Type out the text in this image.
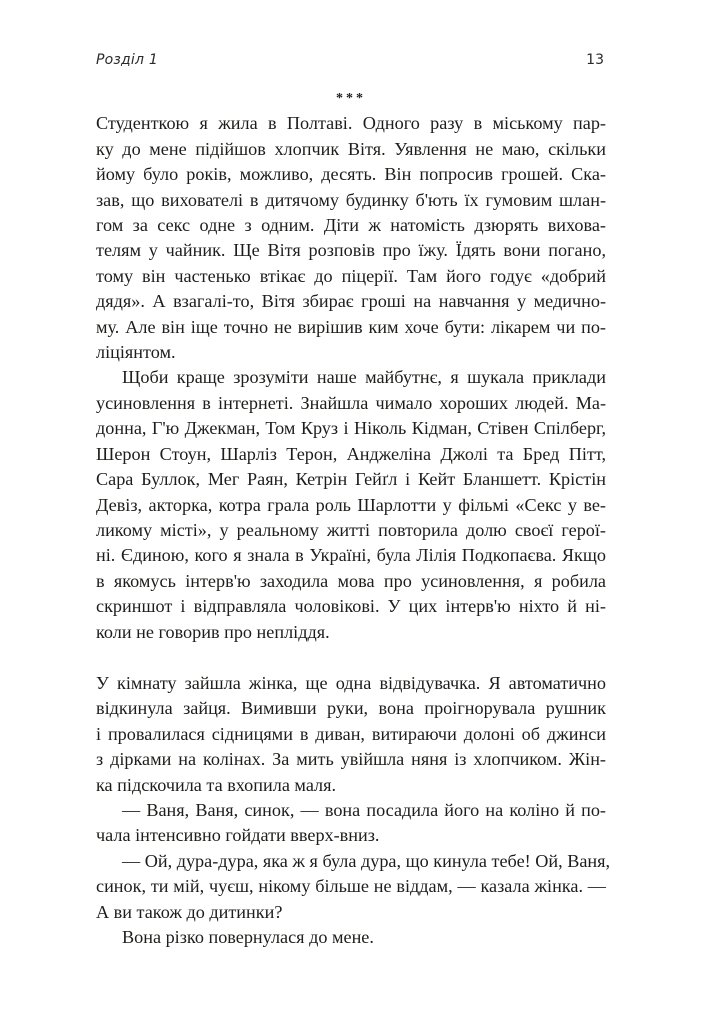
Розділ 1	13
***
Студенткою я жила в Полтаві. Одного разу в міському пар-
ку до мене підійшов хлопчик Вітя. Уявлення не маю, скільки
йому було років, можливо, десять. Він попросив грошей. Ска-
зав, що вихователі в дитячому будинку б'ють їх гумовим шлан-
гом за секс одне з одним. Діти ж натомість дзюрять вихова-
телям у чайник. Ще Вітя розповів про їжу. Їдять вони погано,
тому він частенько втікає до піцерії. Там його годує «добрий
дядя». А взагалі-то, Вітя збирає гроші на навчання у медично-
му. Але він іще точно не вирішив ким хоче бути: лікарем чи по-
ліціянтом.
Щоби краще зрозуміти наше майбутнє, я шукала приклади
усиновлення в інтернеті. Знайшла чимало хороших людей. Ма-
донна, Г'ю Джекман, Том Круз і Ніколь Кідман, Стівен Спілберг,
Шерон Стоун, Шарліз Терон, Анджеліна Джолі та Бред Пітт,
Сара Буллок, Мег Раян, Кетрін Гейґл і Кейт Бланшетт. Крістін
Девіз, акторка, котра грала роль Шарлотти у фільмі «Секс у ве-
ликому місті», у реальному житті повторила долю своєї герої-
ні. Єдиною, кого я знала в Україні, була Лілія Подкопаєва. Якщо
в якомусь інтерв'ю заходила мова про усиновлення, я робила
скриншот і відправляла чоловікові. У цих інтерв'ю ніхто й ні-
коли не говорив про непліддя.
У кімнату зайшла жінка, ще одна відвідувачка. Я автоматично
відкинула зайця. Вимивши руки, вона проігнорувала рушник
і провалилася сідницями в диван, витираючи долоні об джинси
з дірками на колінах. За мить увійшла няня із хлопчиком. Жін-
ка підскочила та вхопила маля.
— Ваня, Ваня, синок, — вона посадила його на коліно й по-
чала інтенсивно гойдати вверх-вниз.
— Ой, дура-дура, яка ж я була дура, що кинула тебе! Ой, Ваня,
синок, ти мій, чуєш, нікому більше не віддам, — казала жінка. —
А ви також до дитинки?
Вона різко повернулася до мене.
